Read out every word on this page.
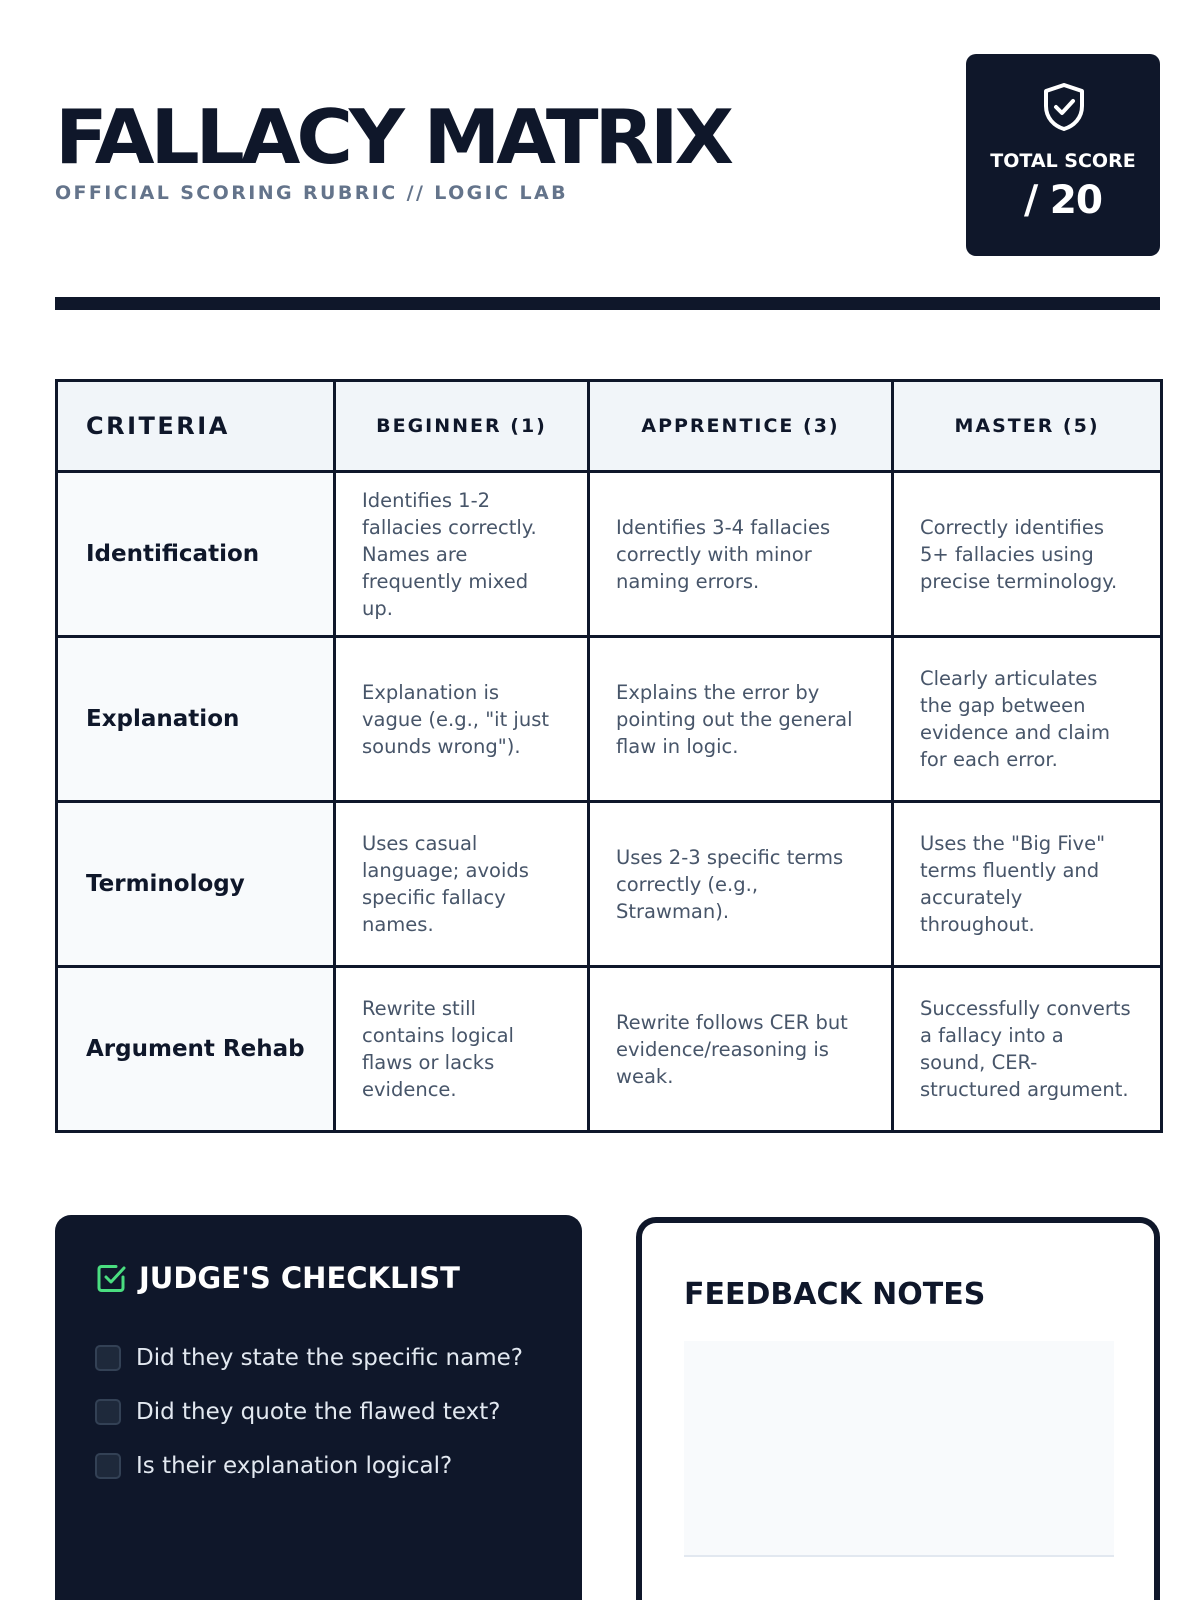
FALLACY MATRIX
OFFICIAL SCORING RUBRIC // LOGIC LAB
TOTAL SCORE
/ 20
CRITERIA	BEGINNER (1)	APPRENTICE (3)	MASTER (5)
Identification	Identifies 1-2 fallacies correctly. Names are frequently mixed up.	Identifies 3-4 fallacies correctly with minor naming errors.	Correctly identifies 5+ fallacies using precise terminology.
Explanation	Explanation is vague (e.g., "it just sounds wrong").	Explains the error by pointing out the general flaw in logic.	Clearly articulates the gap between evidence and claim for each error.
Terminology	Uses casual language; avoids specific fallacy names.	Uses 2-3 specific terms correctly (e.g., Strawman).	Uses the "Big Five" terms fluently and accurately throughout.
Argument Rehab	Rewrite still contains logical flaws or lacks evidence.	Rewrite follows CER but evidence/reasoning is weak.	Successfully converts a fallacy into a sound, CER-structured argument.
JUDGE'S CHECKLIST
Did they state the specific name?
Did they quote the flawed text?
Is their explanation logical?
FEEDBACK NOTES
